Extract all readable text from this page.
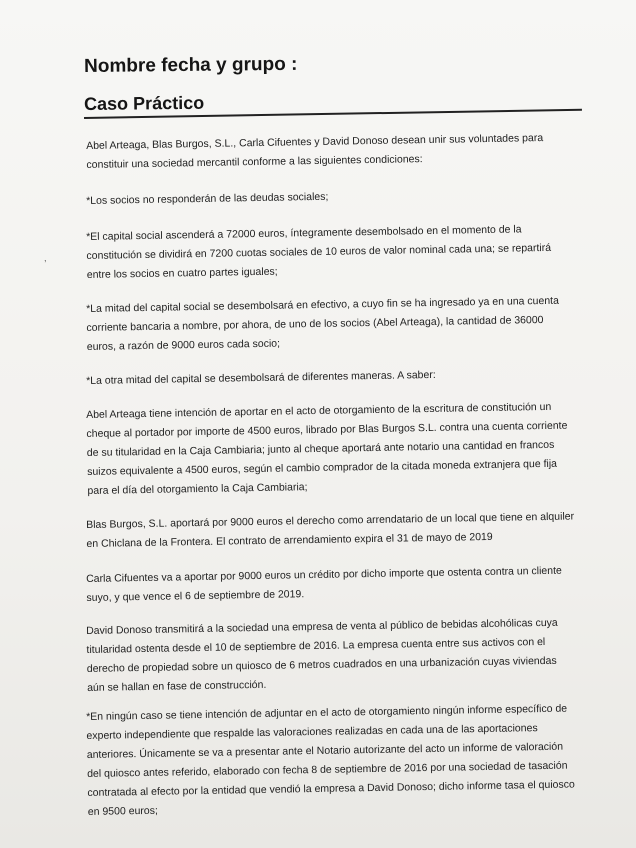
Nombre fecha y grupo :
Caso Práctico

Abel Arteaga, Blas Burgos, S.L., Carla Cifuentes y David Donoso desean unir sus voluntades para constituir una sociedad mercantil conforme a las siguientes condiciones:

*Los socios no responderán de las deudas sociales;

*El capital social ascenderá a 72000 euros, íntegramente desembolsado en el momento de la constitución se dividirá en 7200 cuotas sociales de 10 euros de valor nominal cada una; se repartirá entre los socios en cuatro partes iguales;

*La mitad del capital social se desembolsará en efectivo, a cuyo fin se ha ingresado ya en una cuenta corriente bancaria a nombre, por ahora, de uno de los socios (Abel Arteaga), la cantidad de 36000 euros, a razón de 9000 euros cada socio;

*La otra mitad del capital se desembolsará de diferentes maneras. A saber:

Abel Arteaga tiene intención de aportar en el acto de otorgamiento de la escritura de constitución un cheque al portador por importe de 4500 euros, librado por Blas Burgos S.L. contra una cuenta corriente de su titularidad en la Caja Cambiaria; junto al cheque aportará ante notario una cantidad en francos suizos equivalente a 4500 euros, según el cambio comprador de la citada moneda extranjera que fija para el día del otorgamiento la Caja Cambiaria;

Blas Burgos, S.L. aportará por 9000 euros el derecho como arrendatario de un local que tiene en alquiler en Chiclana de la Frontera. El contrato de arrendamiento expira el 31 de mayo de 2019

Carla Cifuentes va a aportar por 9000 euros un crédito por dicho importe que ostenta contra un cliente suyo, y que vence el 6 de septiembre de 2019.

David Donoso transmitirá a la sociedad una empresa de venta al público de bebidas alcohólicas cuya titularidad ostenta desde el 10 de septiembre de 2016. La empresa cuenta entre sus activos con el derecho de propiedad sobre un quiosco de 6 metros cuadrados en una urbanización cuyas viviendas aún se hallan en fase de construcción.

*En ningún caso se tiene intención de adjuntar en el acto de otorgamiento ningún informe específico de experto independiente que respalde las valoraciones realizadas en cada una de las aportaciones anteriores. Únicamente se va a presentar ante el Notario autorizante del acto un informe de valoración del quiosco antes referido, elaborado con fecha 8 de septiembre de 2016 por una sociedad de tasación contratada al efecto por la entidad que vendió la empresa a David Donoso; dicho informe tasa el quiosco en 9500 euros;

,
